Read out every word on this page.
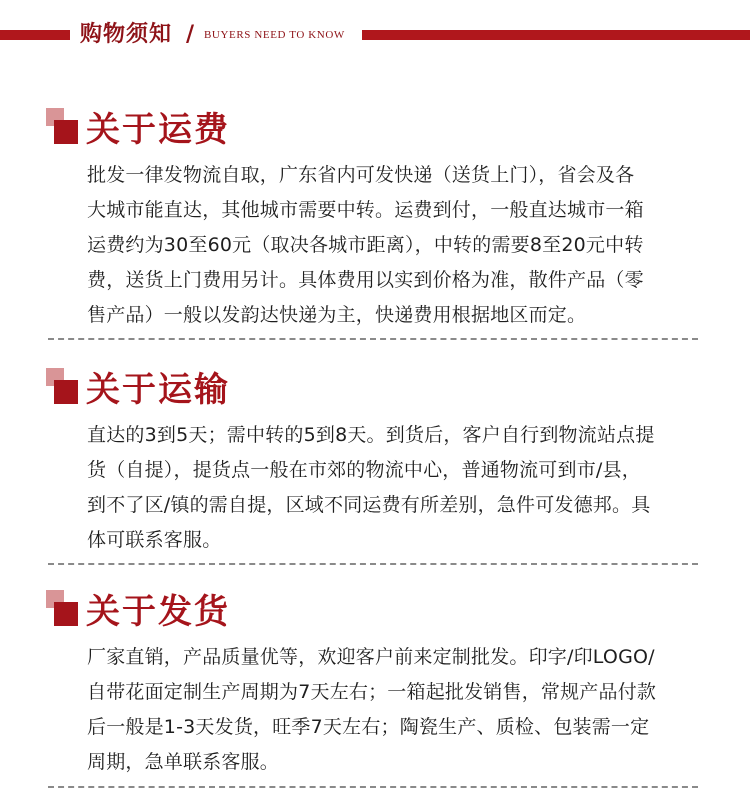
购物须知 / BUYERS NEED TO KNOW
关于运费
批发一律发物流自取，广东省内可发快递（送货上门），省会及各
大城市能直达，其他城市需要中转。运费到付，一般直达城市一箱
运费约为30至60元（取决各城市距离），中转的需要8至20元中转
费，送货上门费用另计。具体费用以实到价格为准，散件产品（零
售产品）一般以发韵达快递为主，快递费用根据地区而定。
关于运输
直达的3到5天；需中转的5到8天。到货后，客户自行到物流站点提
货（自提），提货点一般在市郊的物流中心，普通物流可到市/县，
到不了区/镇的需自提，区域不同运费有所差别，急件可发德邦。具
体可联系客服。
关于发货
厂家直销，产品质量优等，欢迎客户前来定制批发。印字/印LOGO/
自带花面定制生产周期为7天左右；一箱起批发销售，常规产品付款
后一般是1-3天发货，旺季7天左右；陶瓷生产、质检、包装需一定
周期，急单联系客服。
